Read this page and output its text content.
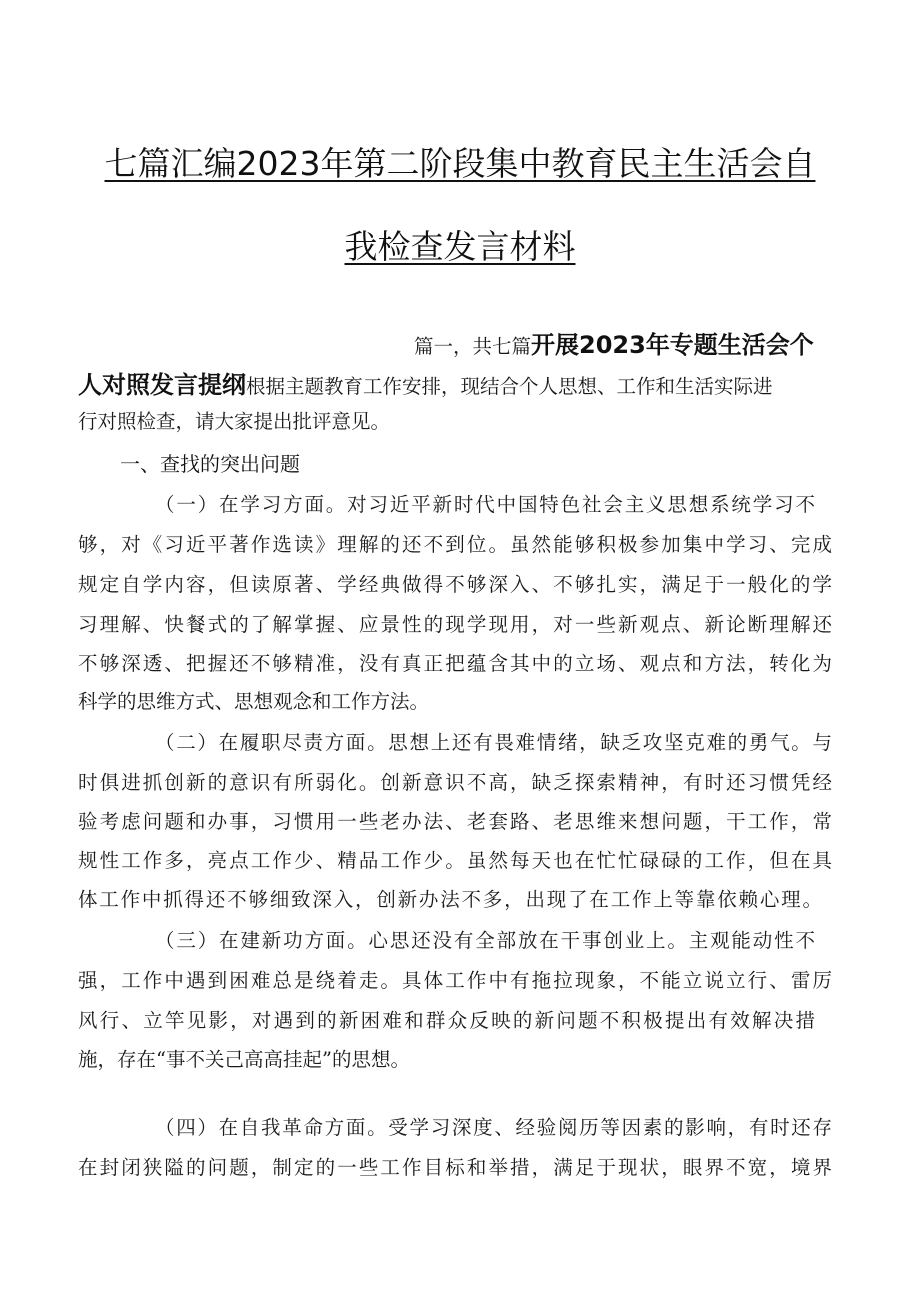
七篇汇编2023年第二阶段集中教育民主生活会自
我检查发言材料
篇一，共七篇开展2023年专题生活会个
人对照发言提纲根据主题教育工作安排，现结合个人思想、工作和生活实际进
行对照检查，请大家提出批评意见。
一、查找的突出问题
（一）在学习方面。对习近平新时代中国特色社会主义思想系统学习不
够，对《习近平著作选读》理解的还不到位。虽然能够积极参加集中学习、完成
规定自学内容，但读原著、学经典做得不够深入、不够扎实，满足于一般化的学
习理解、快餐式的了解掌握、应景性的现学现用，对一些新观点、新论断理解还
不够深透、把握还不够精准，没有真正把蕴含其中的立场、观点和方法，转化为
科学的思维方式、思想观念和工作方法。
（二）在履职尽责方面。思想上还有畏难情绪，缺乏攻坚克难的勇气。与
时俱进抓创新的意识有所弱化。创新意识不高，缺乏探索精神，有时还习惯凭经
验考虑问题和办事，习惯用一些老办法、老套路、老思维来想问题，干工作，常
规性工作多，亮点工作少、精品工作少。虽然每天也在忙忙碌碌的工作，但在具
体工作中抓得还不够细致深入，创新办法不多，出现了在工作上等靠依赖心理。
（三）在建新功方面。心思还没有全部放在干事创业上。主观能动性不
强，工作中遇到困难总是绕着走。具体工作中有拖拉现象，不能立说立行、雷厉
风行、立竿见影，对遇到的新困难和群众反映的新问题不积极提出有效解决措
施，存在“事不关己高高挂起”的思想。
（四）在自我革命方面。受学习深度、经验阅历等因素的影响，有时还存
在封闭狭隘的问题，制定的一些工作目标和举措，满足于现状，眼界不宽，境界
